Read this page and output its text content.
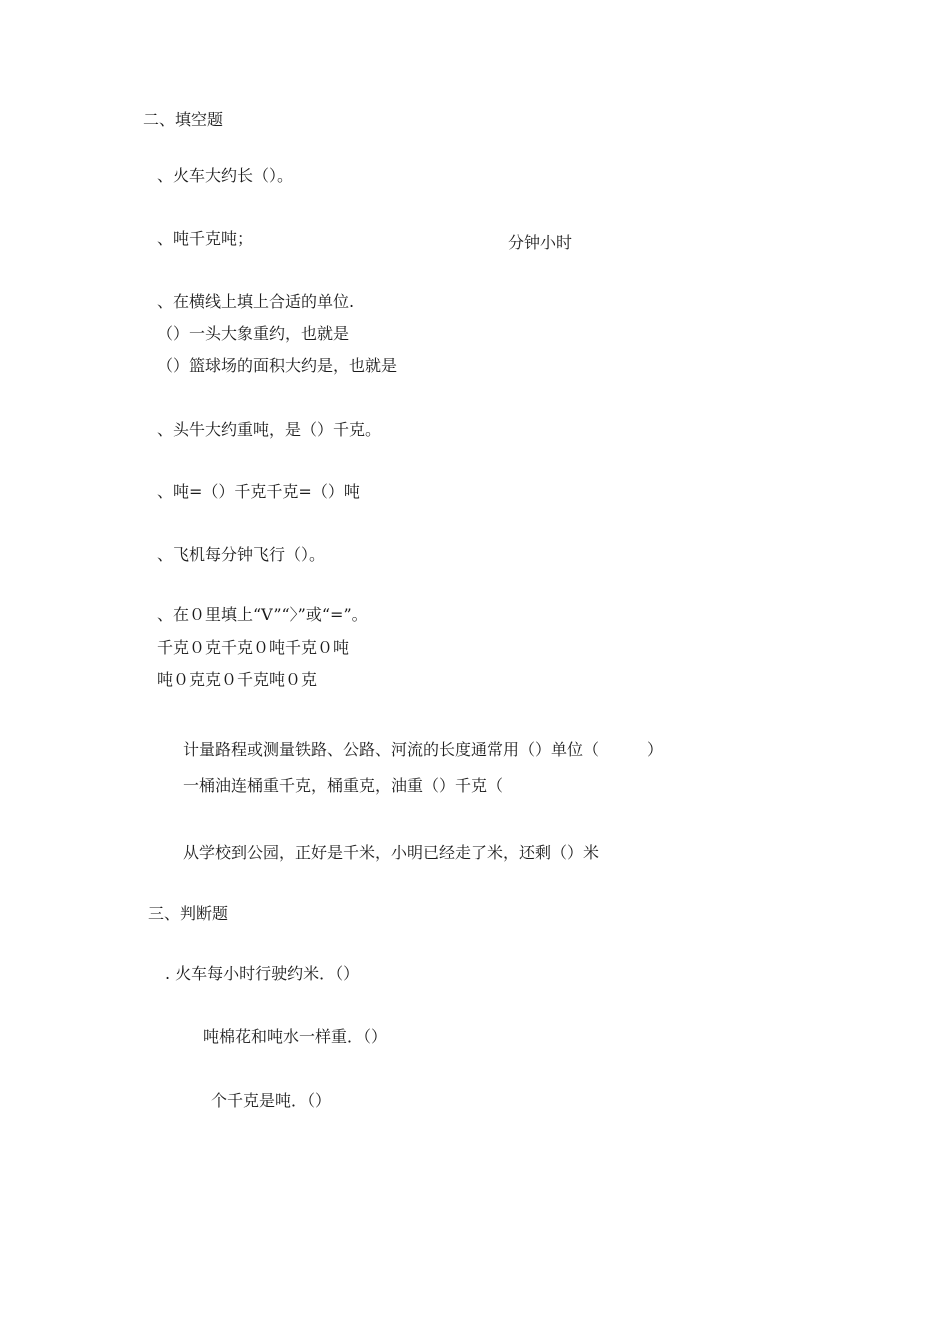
二、填空题
、火车大约长（）。
、吨千克吨；	分钟小时
、在横线上填上合适的单位.
（）一头大象重约，也就是
（）篮球场的面积大约是，也就是
、头牛大约重吨，是（）千克。
、吨=（）千克千克=（）吨
、飞机每分钟飞行（）。
、在０里填上“V”“〉”或“=”。
千克０克千克０吨千克０吨
吨０克克０千克吨０克
计量路程或测量铁路、公路、河流的长度通常用（）单位（　　　）
一桶油连桶重千克，桶重克，油重（）千克（
从学校到公园，正好是千米，小明已经走了米，还剩（）米
三、判断题
. 火车每小时行驶约米．（）
吨棉花和吨水一样重．（）
个千克是吨．（）
